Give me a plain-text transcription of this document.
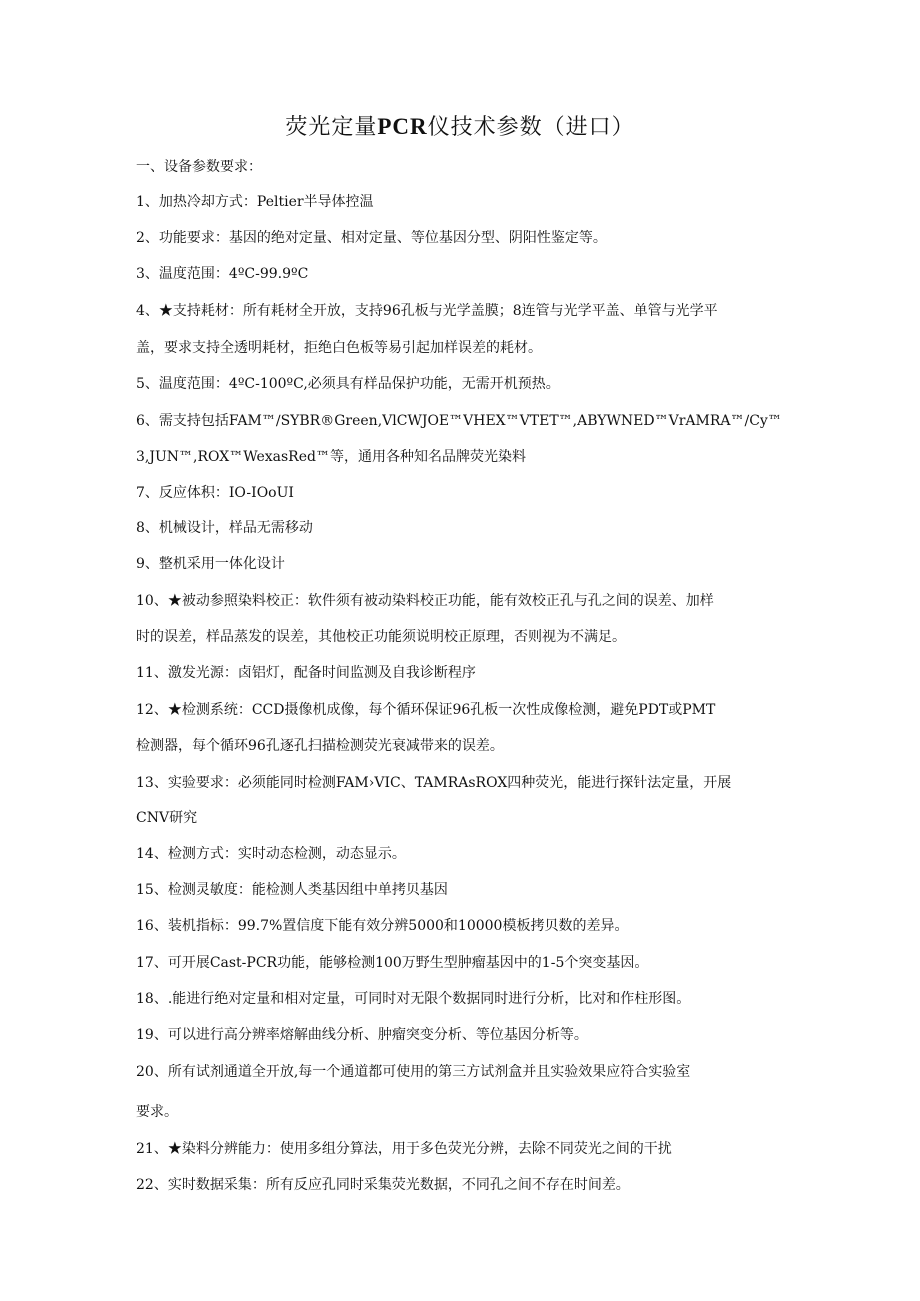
荧光定量PCR仪技术参数（进口）
一、设备参数要求：
1、加热冷却方式：Peltier半导体控温
2、功能要求：基因的绝对定量、相对定量、等位基因分型、阴阳性鉴定等。
3、温度范围：4ºC-99.9ºC
4、★支持耗材：所有耗材全开放，支持96孔板与光学盖膜；8连管与光学平盖、单管与光学平
盖，要求支持全透明耗材，拒绝白色板等易引起加样误差的耗材。
5、温度范围：4ºC-100ºC,必须具有样品保护功能，无需开机预热。
6、需支持包括FAM™∕SYBR®Green,VlCWJOE™VHEX™VTET™,ABYWNED™VrAMRA™∕Cy™
3,JUN™,ROX™WexasRed™等，通用各种知名品牌荧光染料
7、反应体积：IO-IOoUI
8、机械设计，样品无需移动
9、整机采用一体化设计
10、★被动参照染料校正：软件须有被动染料校正功能，能有效校正孔与孔之间的误差、加样
时的误差，样品蒸发的误差，其他校正功能须说明校正原理，否则视为不满足。
11、激发光源：卤铝灯，配备时间监测及自我诊断程序
12、★检测系统：CCD摄像机成像，每个循环保证96孔板一次性成像检测，避免PDT或PMT
检测器，每个循环96孔逐孔扫描检测荧光衰减带来的误差。
13、实验要求：必须能同时检测FAM›VIC、TAMRAsROX四种荧光，能进行探针法定量，开展
CNV研究
14、检测方式：实时动态检测，动态显示。
15、检测灵敏度：能检测人类基因组中单拷贝基因
16、装机指标：99.7%置信度下能有效分辨5000和10000模板拷贝数的差异。
17、可开展Cast-PCR功能，能够检测100万野生型肿瘤基因中的1-5个突变基因。
18、.能进行绝对定量和相对定量，可同时对无限个数据同时进行分析，比对和作柱形图。
19、可以进行高分辨率熔解曲线分析、肿瘤突变分析、等位基因分析等。
20、所有试剂通道全开放,每一个通道都可使用的第三方试剂盒并且实验效果应符合实验室
要求。
21、★染料分辨能力：使用多组分算法，用于多色荧光分辨，去除不同荧光之间的干扰
22、实时数据采集：所有反应孔同时采集荧光数据，不同孔之间不存在时间差。
